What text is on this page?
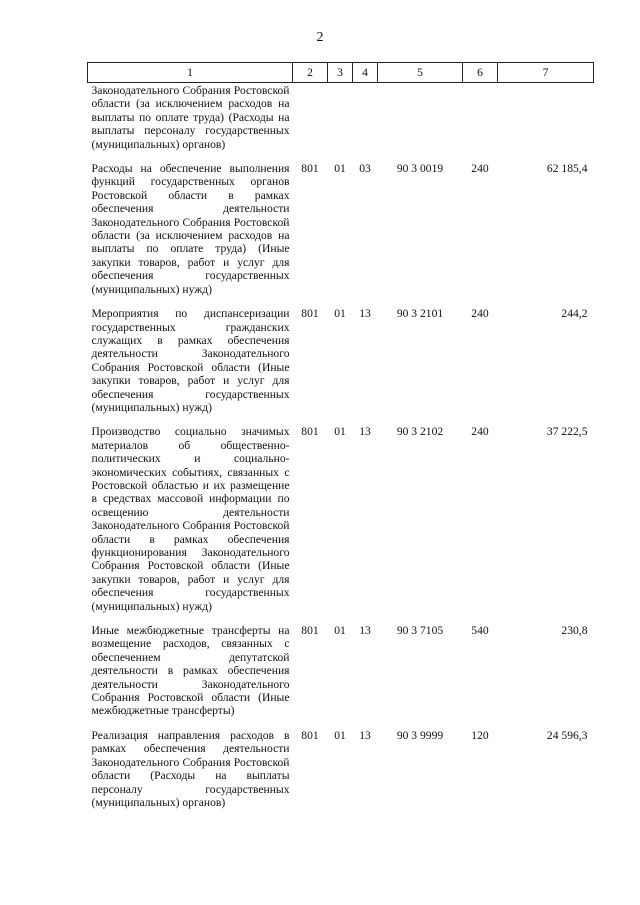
2
1	2	3	4	5	6	7
Законодательного Собрания Ростовской области (за исключением расходов на выплаты по оплате труда) (Расходы на выплаты персоналу государственных (муниципальных) органов)						
Расходы на обеспечение выполнения функций государственных органов Ростовской области в рамках обеспечения деятельности Законодательного Собрания Ростовской области (за исключением расходов на выплаты по оплате труда) (Иные закупки товаров, работ и услуг для обеспечения государственных (муниципальных) нужд)	801	01	03	90 3 0019	240	62 185,4
Мероприятия по диспансеризации государственных гражданских служащих в рамках обеспечения деятельности Законодательного Собрания Ростовской области (Иные закупки товаров, работ и услуг для обеспечения государственных (муниципальных) нужд)	801	01	13	90 3 2101	240	244,2
Производство социально значимых материалов об общественно-политических и социально-экономических событиях, связанных с Ростовской областью и их размещение в средствах массовой информации по освещению деятельности Законодательного Собрания Ростовской области в рамках обеспечения функционирования Законодательного Собрания Ростовской области (Иные закупки товаров, работ и услуг для обеспечения государственных (муниципальных) нужд)	801	01	13	90 3 2102	240	37 222,5
Иные межбюджетные трансферты на возмещение расходов, связанных с обеспечением депутатской деятельности в рамках обеспечения деятельности Законодательного Собрания Ростовской области (Иные межбюджетные трансферты)	801	01	13	90 3 7105	540	230,8
Реализация направления расходов в рамках обеспечения деятельности Законодательного Собрания Ростовской области (Расходы на выплаты персоналу государственных (муниципальных) органов)	801	01	13	90 3 9999	120	24 596,3
